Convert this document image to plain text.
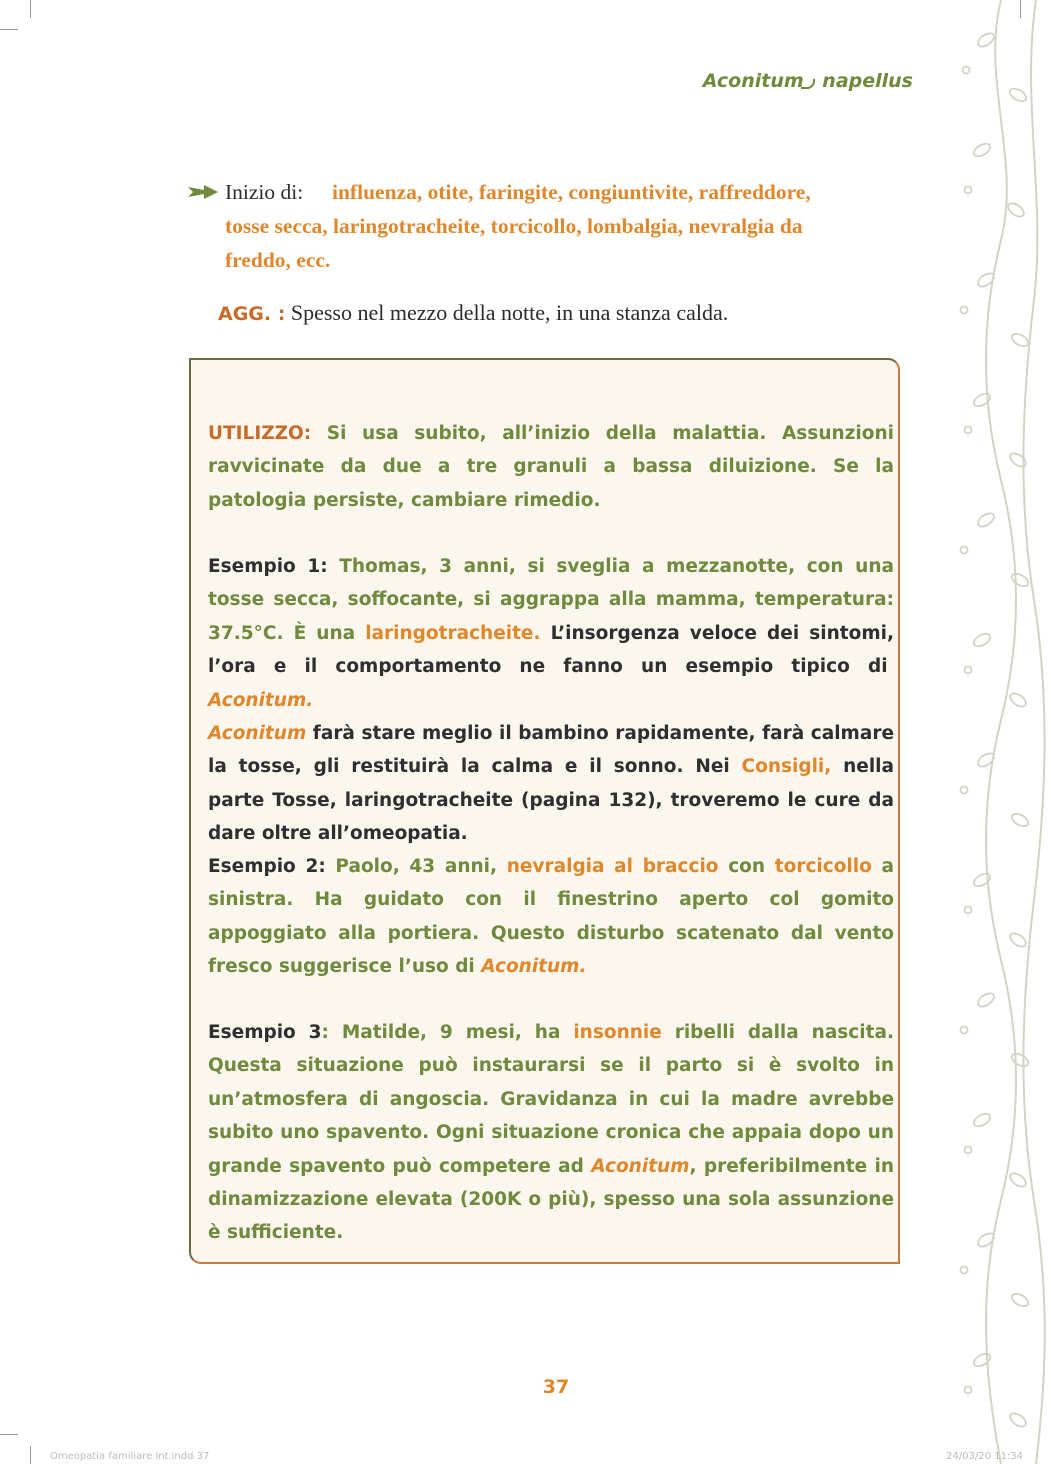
Aconitum napellus
Inizio di: influenza, otite, faringite, congiuntivite, raffreddore,
tosse secca, laringotracheite, torcicollo, lombalgia, nevralgia da
freddo, ecc.
AGG. : Spesso nel mezzo della notte, in una stanza calda.
UTILIZZO: Si usa subito, all’inizio della malattia. Assunzioni ravvicinate da due a tre granuli a bassa diluizione. Se la patologia persiste, cambiare rimedio.
Esempio 1: Thomas, 3 anni, si sveglia a mezzanotte, con una tosse secca, soffocante, si aggrappa alla mamma, temperatura: 37.5°C. È una laringotracheite. L’insorgenza veloce dei sintomi, l’ora e il comportamento ne fanno un esempio tipico di  Aconitum.
Aconitum farà stare meglio il bambino rapidamente, farà calmare la tosse, gli restituirà la calma e il sonno. Nei Consigli, nella parte Tosse, laringotracheite (pagina 132), troveremo le cure da dare oltre all’omeopatia.
Esempio 2: Paolo, 43 anni, nevralgia al braccio con torcicollo a sinistra. Ha guidato con il finestrino aperto col gomito appoggiato alla portiera. Questo disturbo scatenato dal vento fresco suggerisce l’uso di Aconitum.
Esempio 3: Matilde, 9 mesi, ha insonnie ribelli dalla nascita. Questa situazione può instaurarsi se il parto si è svolto in un’atmosfera di angoscia. Gravidanza in cui la madre avrebbe subito uno spavento. Ogni situazione cronica che appaia dopo un grande spavento può competere ad Aconitum, preferibilmente in dinamizzazione elevata (200K o più), spesso una sola assunzione è sufficiente.
37
Omeopatia familiare int.indd 37	24/03/20 11:34
